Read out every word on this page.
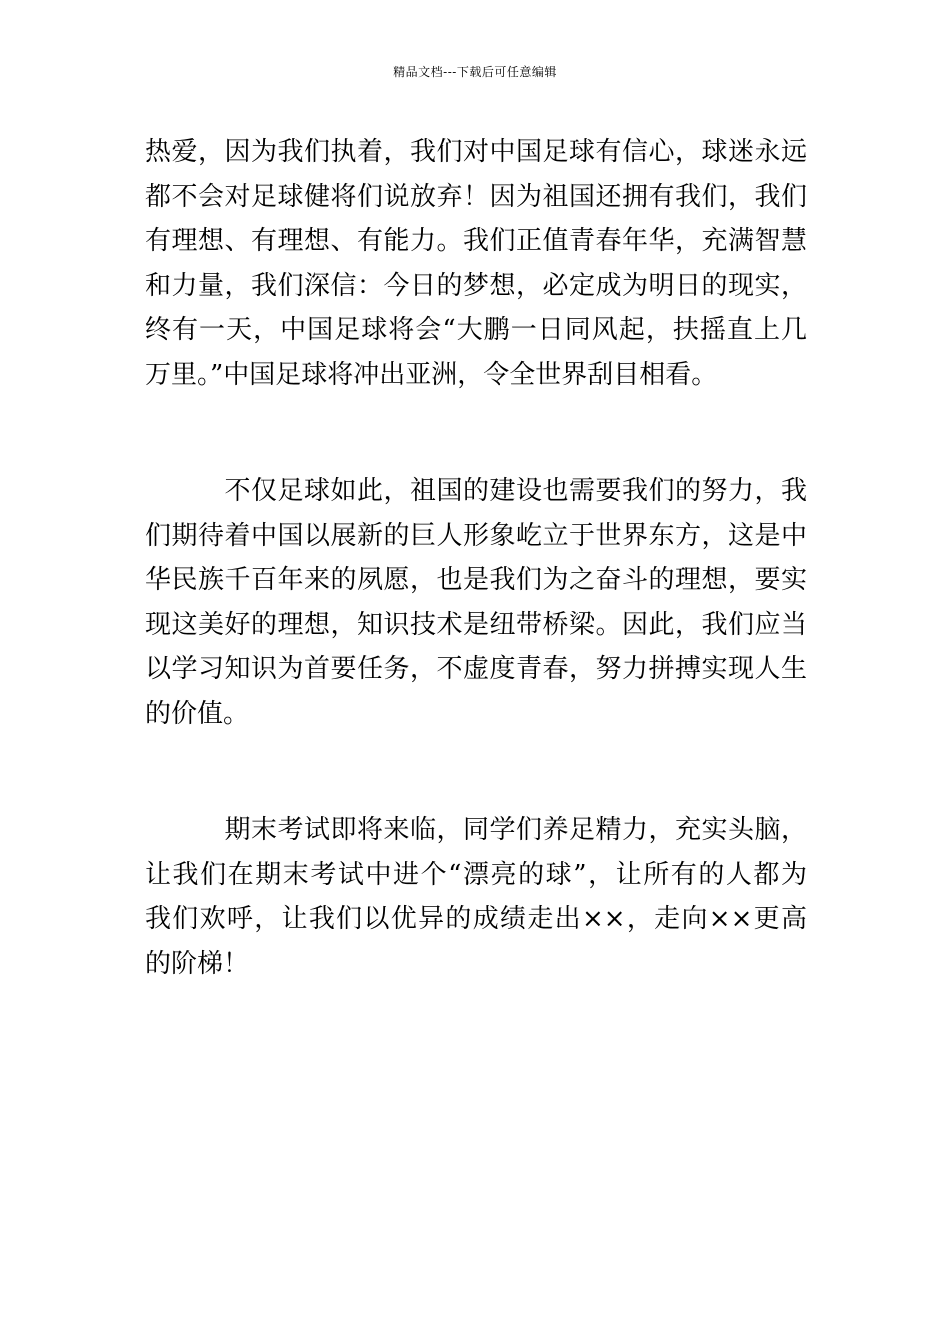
精品文档---下载后可任意编辑
热爱，因为我们执着，我们对中国足球有信心，球迷永远
都不会对足球健将们说放弃！因为祖国还拥有我们，我们
有理想、有理想、有能力。我们正值青春年华，充满智慧
和力量，我们深信：今日的梦想，必定成为明日的现实，
终有一天，中国足球将会“大鹏一日同风起，扶摇直上几
万里。”中国足球将冲出亚洲，令全世界刮目相看。
　　　不仅足球如此，祖国的建设也需要我们的努力，我
们期待着中国以展新的巨人形象屹立于世界东方，这是中
华民族千百年来的夙愿，也是我们为之奋斗的理想，要实
现这美好的理想，知识技术是纽带桥梁。因此，我们应当
以学习知识为首要任务，不虚度青春，努力拼搏实现人生
的价值。
　　　期末考试即将来临，同学们养足精力，充实头脑，
让我们在期末考试中进个“漂亮的球”，让所有的人都为
我们欢呼，让我们以优异的成绩走出××，走向××更高
的阶梯！
